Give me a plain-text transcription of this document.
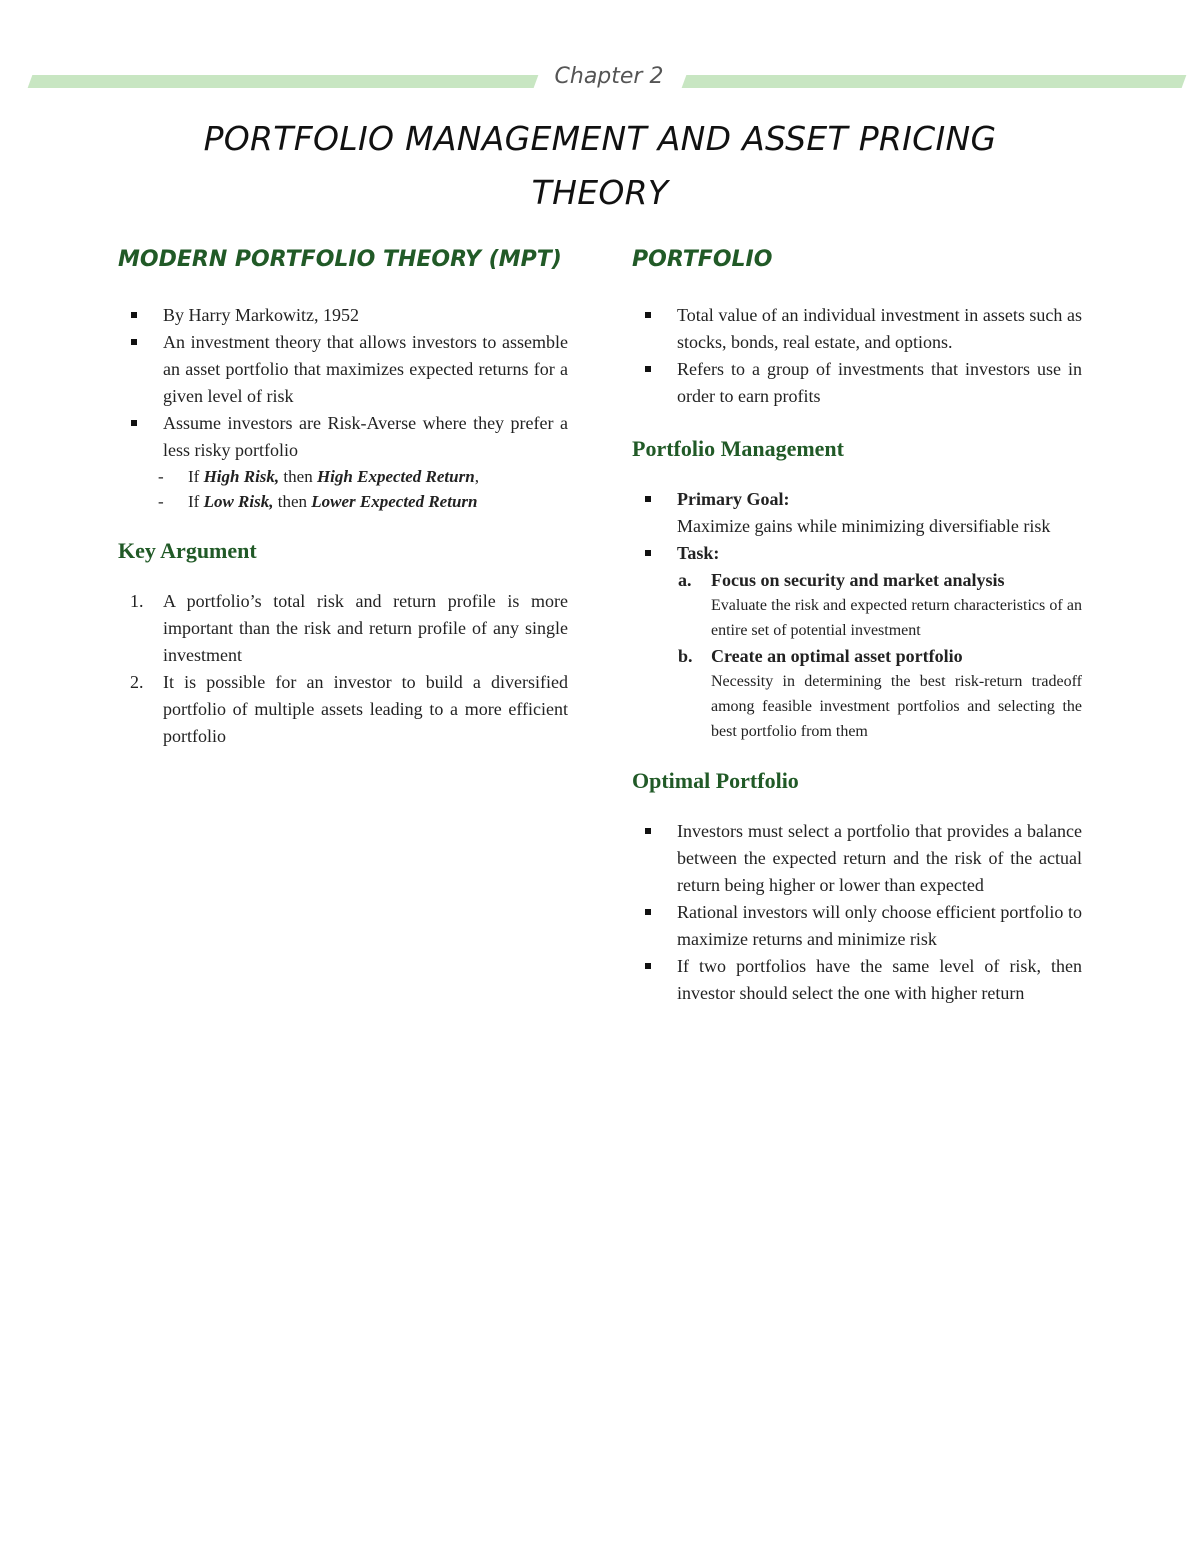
Chapter 2
PORTFOLIO MANAGEMENT AND ASSET PRICING
THEORY
MODERN PORTFOLIO THEORY (MPT)
By Harry Markowitz, 1952
An investment theory that allows investors to assemble an asset portfolio that maximizes expected returns for a given level of risk
Assume investors are Risk-Averse where they prefer a less risky portfolio
- If High Risk, then High Expected Return,
- If Low Risk, then Lower Expected Return
Key Argument
1. A portfolio’s total risk and return profile is more important than the risk and return profile of any single investment
2. It is possible for an investor to build a diversified portfolio of multiple assets leading to a more efficient portfolio
PORTFOLIO
Total value of an individual investment in assets such as stocks, bonds, real estate, and options.
Refers to a group of investments that investors use in order to earn profits
Portfolio Management
Primary Goal:
Maximize gains while minimizing diversifiable risk
Task:
a. Focus on security and market analysis
Evaluate the risk and expected return characteristics of an entire set of potential investment
b. Create an optimal asset portfolio
Necessity in determining the best risk-return tradeoff among feasible investment portfolios and selecting the best portfolio from them
Optimal Portfolio
Investors must select a portfolio that provides a balance between the expected return and the risk of the actual return being higher or lower than expected
Rational investors will only choose efficient portfolio to maximize returns and minimize risk
If two portfolios have the same level of risk, then investor should select the one with higher return
